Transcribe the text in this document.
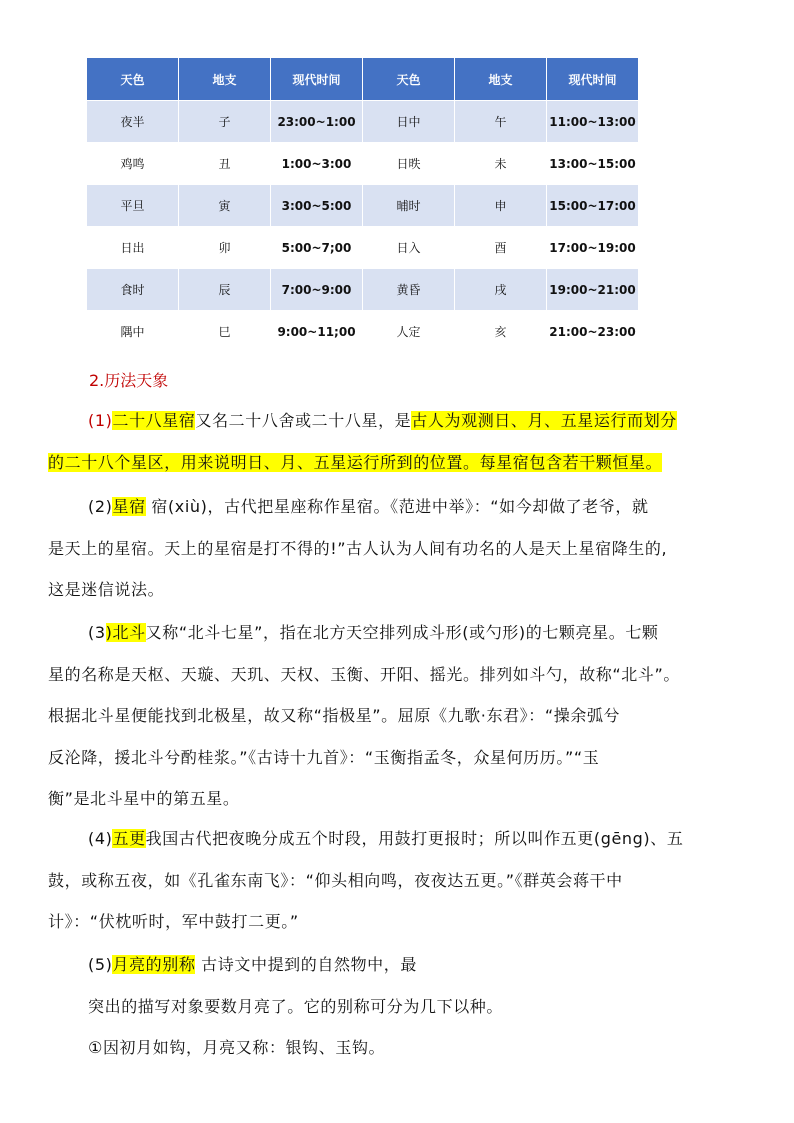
天色	地支	现代时间	天色	地支	现代时间
夜半	子	23:00~1:00	日中	午	11:00~13:00
鸡鸣	丑	1:00~3:00	日昳	未	13:00~15:00
平旦	寅	3:00~5:00	晡时	申	15:00~17:00
日出	卯	5:00~7;00	日入	酉	17:00~19:00
食时	辰	7:00~9:00	黄昏	戌	19:00~21:00
隅中	巳	9:00~11;00	人定	亥	21:00~23:00
2.历法天象

(1)二十八星宿又名二十八舍或二十八星，是古人为观测日、月、五星运行而划分

的二十八个星区，用来说明日、月、五星运行所到的位置。每星宿包含若干颗恒星。

(2)星宿 宿(xiù)，古代把星座称作星宿。《范进中举》：“如今却做了老爷，就

是天上的星宿。天上的星宿是打不得的!”古人认为人间有功名的人是天上星宿降生的,

这是迷信说法。

(3)北斗又称“北斗七星”，指在北方天空排列成斗形(或勺形)的七颗亮星。七颗

星的名称是天枢、天璇、天玑、天权、玉衡、开阳、摇光。排列如斗勺，故称“北斗”。

根据北斗星便能找到北极星，故又称“指极星”。屈原《九歌·东君》：“操余弧兮

反沦降，援北斗兮酌桂浆。”《古诗十九首》：“玉衡指孟冬，众星何历历。”“玉

衡”是北斗星中的第五星。

(4)五更我国古代把夜晚分成五个时段，用鼓打更报时；所以叫作五更(gēng)、五

鼓，或称五夜，如《孔雀东南飞》：“仰头相向鸣，夜夜达五更。”《群英会蒋干中

计》：“伏枕听时，军中鼓打二更。”

(5)月亮的别称 古诗文中提到的自然物中，最

突出的描写对象要数月亮了。它的别称可分为几下以种。

①因初月如钩，月亮又称：银钩、玉钩。
